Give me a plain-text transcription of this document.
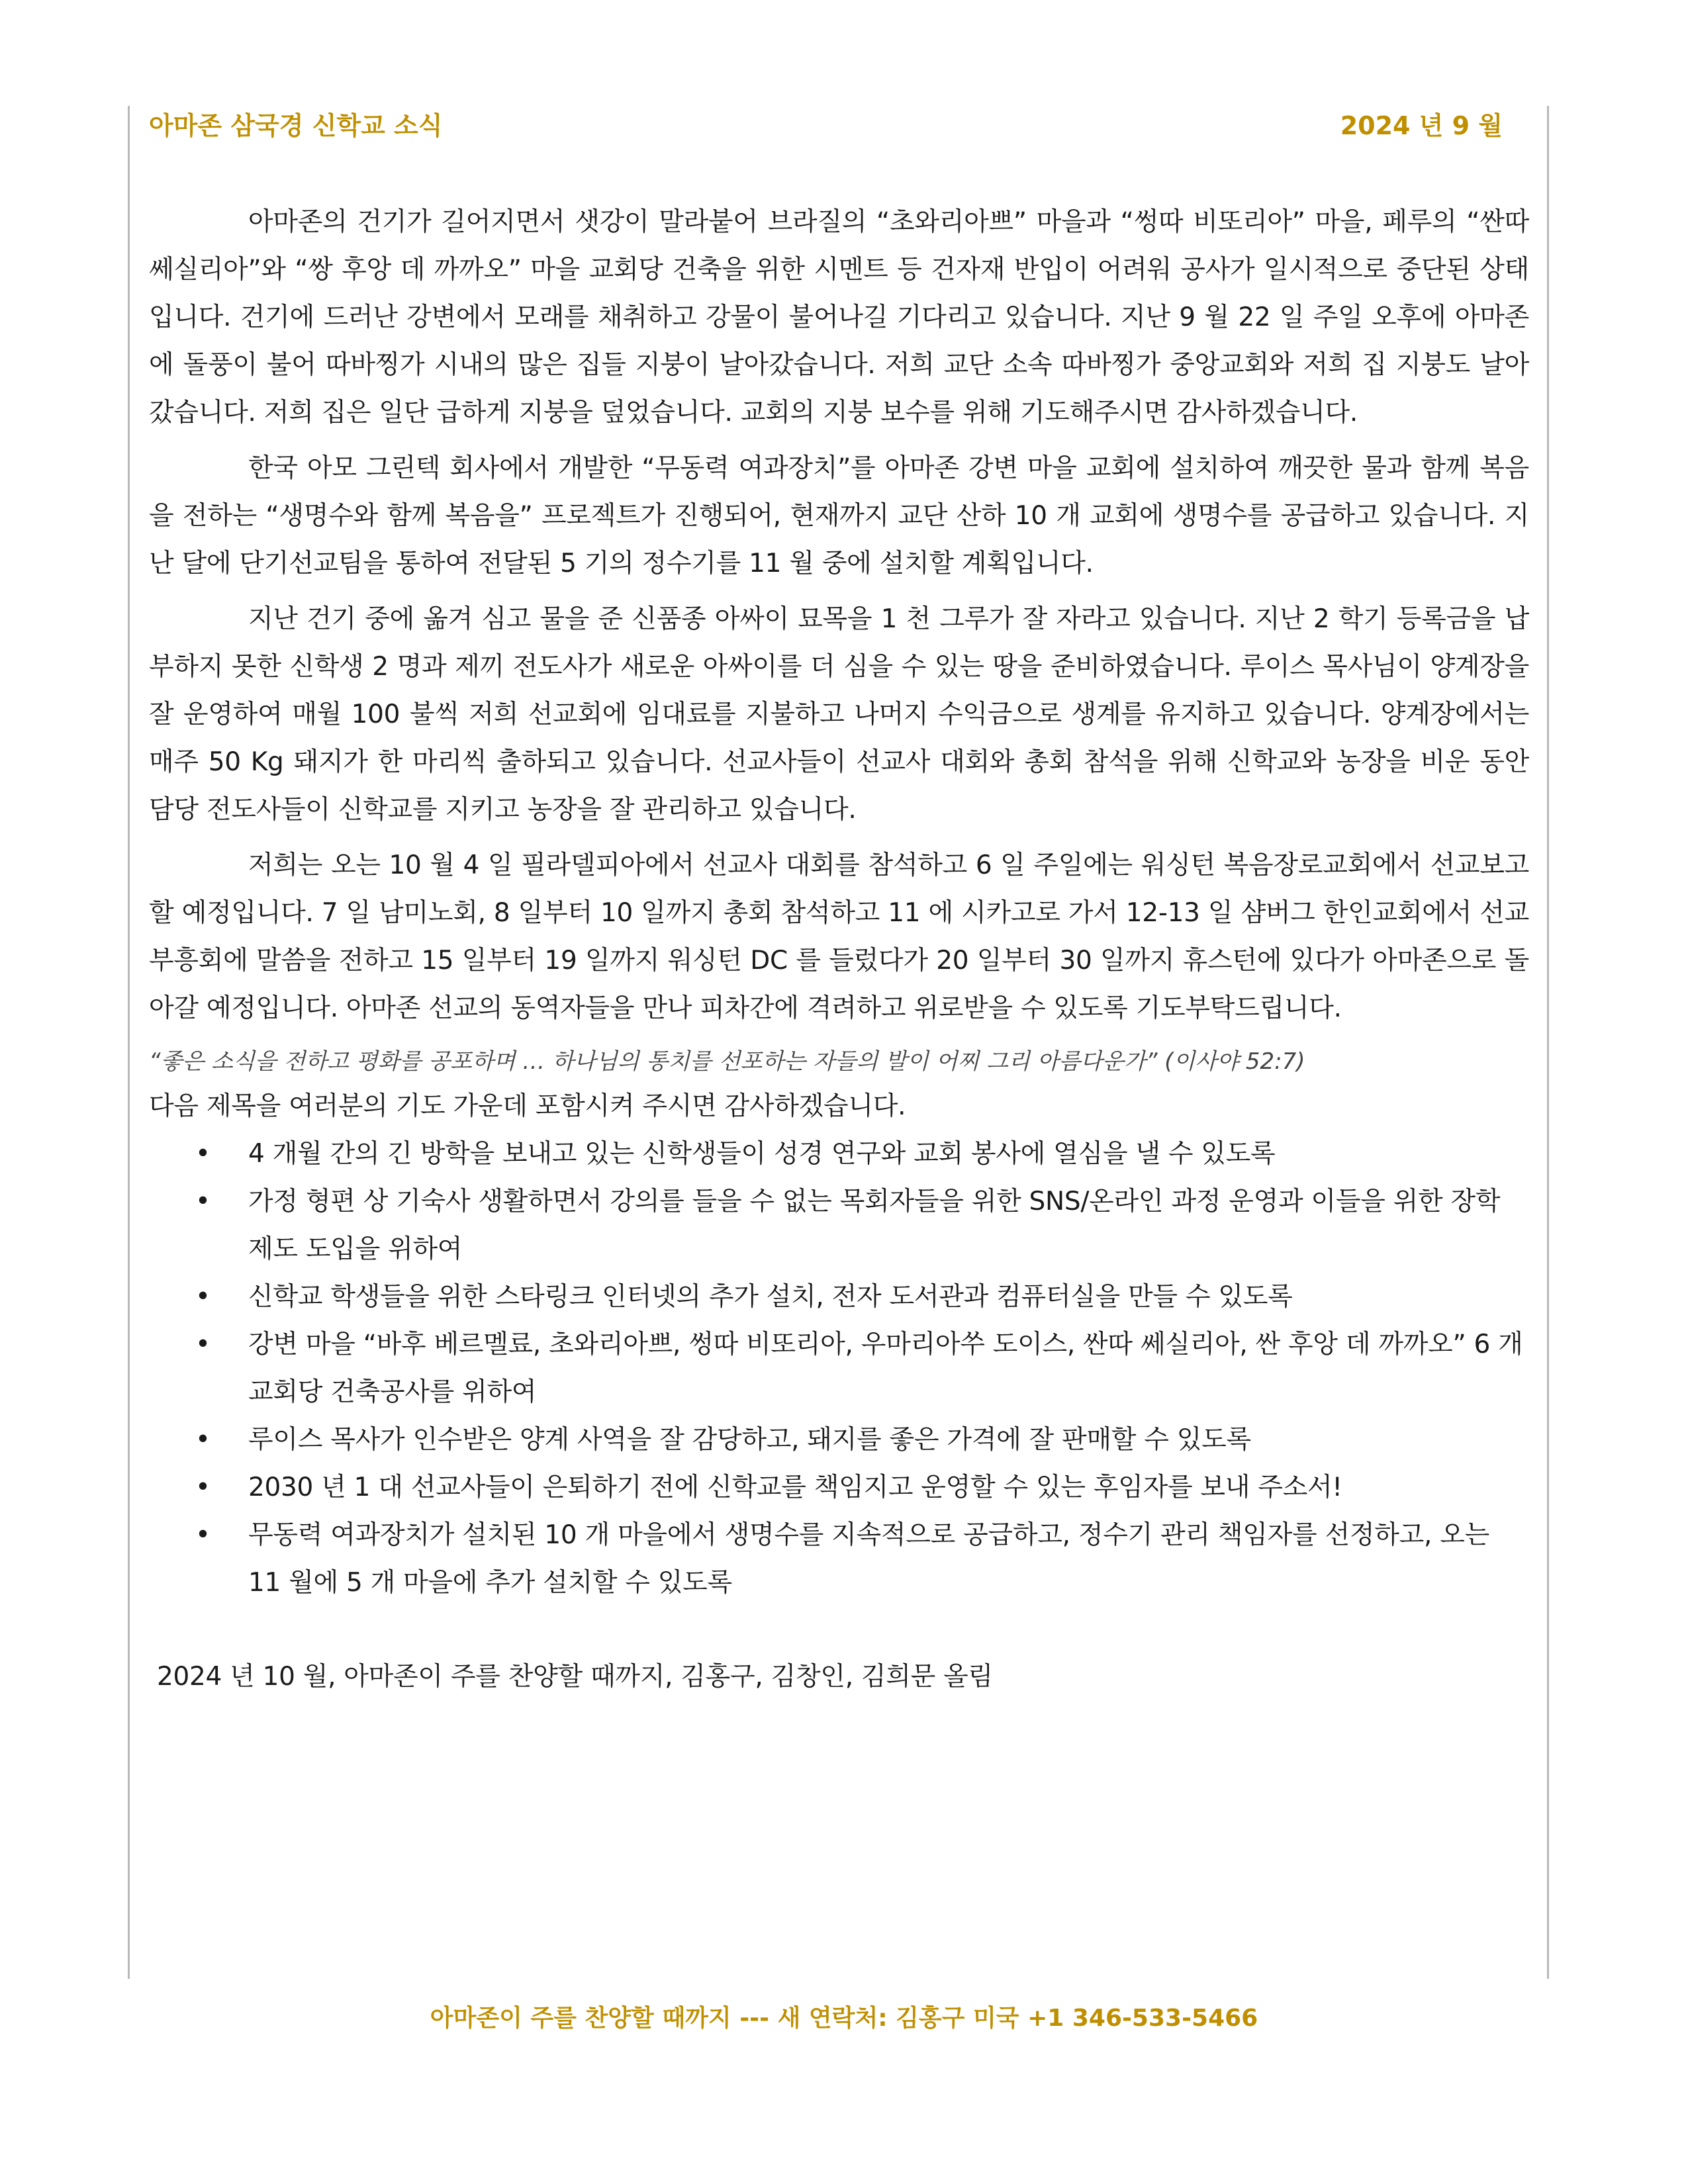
아마존 삼국경 신학교 소식	2024 년 9 월

아마존의 건기가 길어지면서 샛강이 말라붙어 브라질의 “초와리아쁘” 마을과 “썽따 비또리아” 마을, 페루의 “싼따 쎄실리아”와 “쌍 후앙 데 까까오” 마을 교회당 건축을 위한 시멘트 등 건자재 반입이 어려워 공사가 일시적으로 중단된 상태입니다. 건기에 드러난 강변에서 모래를 채취하고 강물이 불어나길 기다리고 있습니다. 지난 9 월 22 일 주일 오후에 아마존에 돌풍이 불어 따바찡가 시내의 많은 집들 지붕이 날아갔습니다. 저희 교단 소속 따바찡가 중앙교회와 저희 집 지붕도 날아갔습니다. 저희 집은 일단 급하게 지붕을 덮었습니다. 교회의 지붕 보수를 위해 기도해주시면 감사하겠습니다.

한국 아모 그린텍 회사에서 개발한 “무동력 여과장치”를 아마존 강변 마을 교회에 설치하여 깨끗한 물과 함께 복음을 전하는 “생명수와 함께 복음을” 프로젝트가 진행되어, 현재까지 교단 산하 10 개 교회에 생명수를 공급하고 있습니다. 지난 달에 단기선교팀을 통하여 전달된 5 기의 정수기를 11 월 중에 설치할 계획입니다.

지난 건기 중에 옮겨 심고 물을 준 신품종 아싸이 묘목을 1 천 그루가 잘 자라고 있습니다. 지난 2 학기 등록금을 납부하지 못한 신학생 2 명과 제끼 전도사가 새로운 아싸이를 더 심을 수 있는 땅을 준비하였습니다. 루이스 목사님이 양계장을 잘 운영하여 매월 100 불씩 저희 선교회에 임대료를 지불하고 나머지 수익금으로 생계를 유지하고 있습니다. 양계장에서는 매주 50 Kg 돼지가 한 마리씩 출하되고 있습니다. 선교사들이 선교사 대회와 총회 참석을 위해 신학교와 농장을 비운 동안 담당 전도사들이 신학교를 지키고 농장을 잘 관리하고 있습니다.

저희는 오는 10 월 4 일 필라델피아에서 선교사 대회를 참석하고 6 일 주일에는 워싱턴 복음장로교회에서 선교보고할 예정입니다. 7 일 남미노회, 8 일부터 10 일까지 총회 참석하고 11 에 시카고로 가서 12-13 일 샴버그 한인교회에서 선교부흥회에 말씀을 전하고 15 일부터 19 일까지 워싱턴 DC 를 들렀다가 20 일부터 30 일까지 휴스턴에 있다가 아마존으로 돌아갈 예정입니다. 아마존 선교의 동역자들을 만나 피차간에 격려하고 위로받을 수 있도록 기도부탁드립니다.

“좋은 소식을 전하고 평화를 공포하며 … 하나님의 통치를 선포하는 자들의 발이 어찌 그리 아름다운가” (이사야 52:7)

다음 제목을 여러분의 기도 가운데 포함시켜 주시면 감사하겠습니다.

• 4 개월 간의 긴 방학을 보내고 있는 신학생들이 성경 연구와 교회 봉사에 열심을 낼 수 있도록
• 가정 형편 상 기숙사 생활하면서 강의를 들을 수 없는 목회자들을 위한 SNS/온라인 과정 운영과 이들을 위한 장학 제도 도입을 위하여
• 신학교 학생들을 위한 스타링크 인터넷의 추가 설치, 전자 도서관과 컴퓨터실을 만들 수 있도록
• 강변 마을 “바후 베르멜료, 초와리아쁘, 썽따 비또리아, 우마리아쑤 도이스, 싼따 쎄실리아, 싼 후앙 데 까까오” 6 개 교회당 건축공사를 위하여
• 루이스 목사가 인수받은 양계 사역을 잘 감당하고, 돼지를 좋은 가격에 잘 판매할 수 있도록
• 2030 년 1 대 선교사들이 은퇴하기 전에 신학교를 책임지고 운영할 수 있는 후임자를 보내 주소서!
• 무동력 여과장치가 설치된 10 개 마을에서 생명수를 지속적으로 공급하고, 정수기 관리 책임자를 선정하고, 오는 11 월에 5 개 마을에 추가 설치할 수 있도록

2024 년 10 월, 아마존이 주를 찬양할 때까지, 김홍구, 김창인, 김희문 올림

아마존이 주를 찬양할 때까지 --- 새 연락처: 김홍구 미국 +1 346-533-5466
